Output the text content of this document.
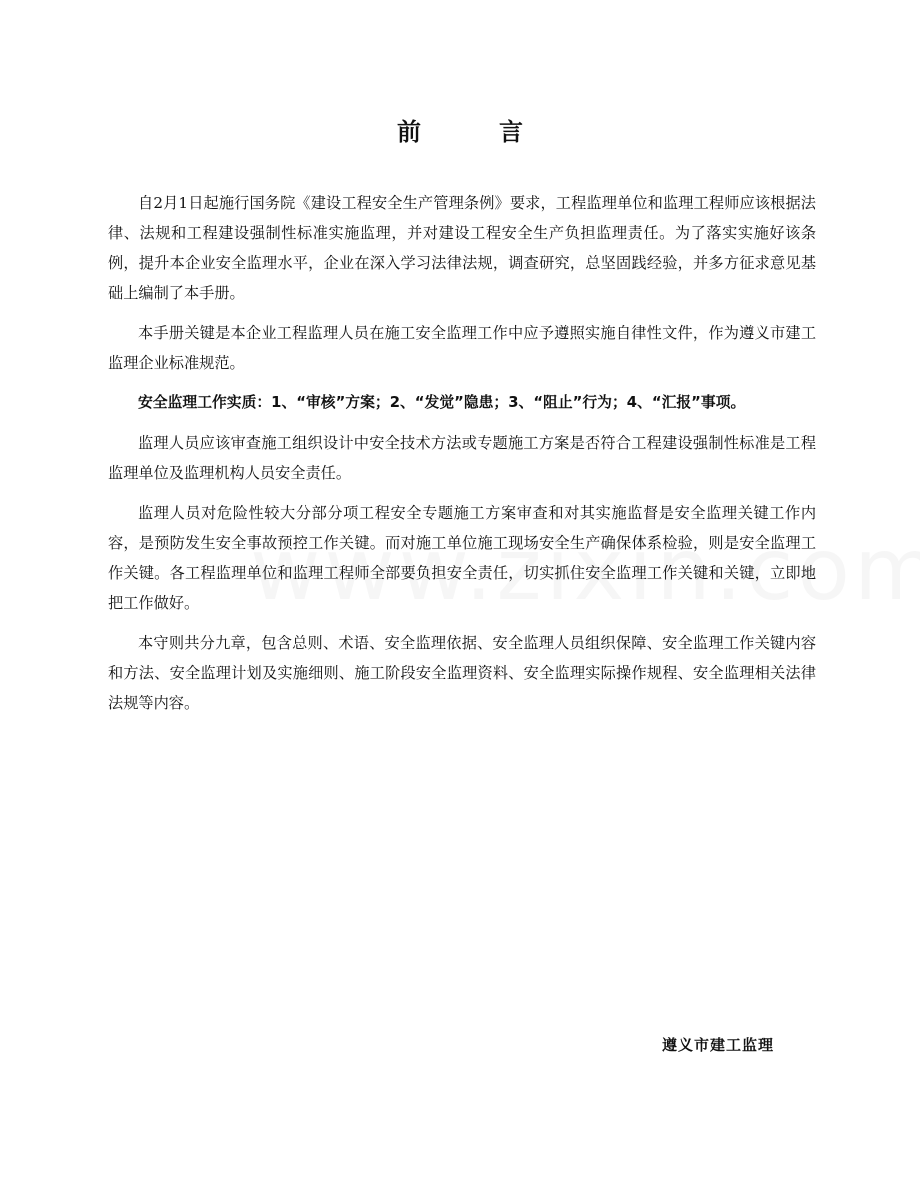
前言

自2月1日起施行国务院《建设工程安全生产管理条例》要求，工程监理单位和监理工程师应该根据法律、法规和工程建设强制性标准实施监理，并对建设工程安全生产负担监理责任。为了落实实施好该条例，提升本企业安全监理水平，企业在深入学习法律法规，调查研究，总坚固践经验，并多方征求意见基础上编制了本手册。

本手册关键是本企业工程监理人员在施工安全监理工作中应予遵照实施自律性文件，作为遵义市建工监理企业标准规范。

安全监理工作实质：1、“审核”方案；2、“发觉”隐患；3、“阻止”行为；4、“汇报”事项。

监理人员应该审查施工组织设计中安全技术方法或专题施工方案是否符合工程建设强制性标准是工程监理单位及监理机构人员安全责任。

监理人员对危险性较大分部分项工程安全专题施工方案审查和对其实施监督是安全监理关键工作内容，是预防发生安全事故预控工作关键。而对施工单位施工现场安全生产确保体系检验，则是安全监理工作关键。各工程监理单位和监理工程师全部要负担安全责任，切实抓住安全监理工作关键和关键，立即地把工作做好。

本守则共分九章，包含总则、术语、安全监理依据、安全监理人员组织保障、安全监理工作关键内容和方法、安全监理计划及实施细则、施工阶段安全监理资料、安全监理实际操作规程、安全监理相关法律法规等内容。

遵义市建工监理
